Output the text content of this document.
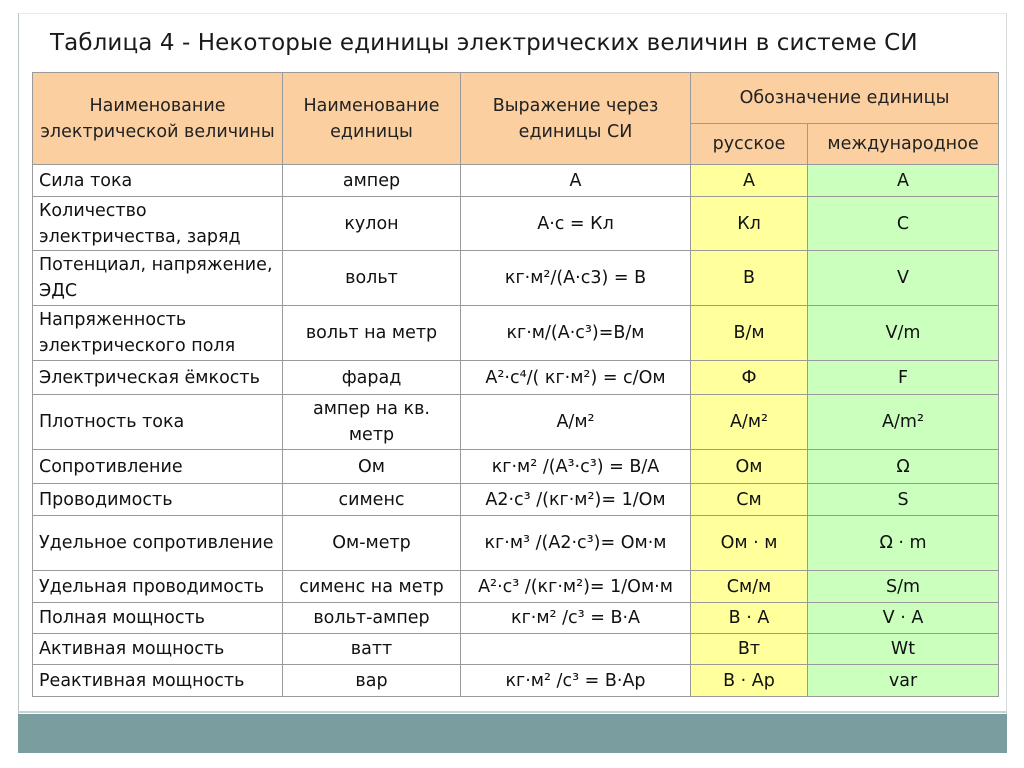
Таблица 4 - Некоторые единицы электрических величин в системе СИ
Наименование электрической величины	Наименование единицы	Выражение через единицы СИ	Обозначение единицы	
			русское	международное
Сила тока	ампер	A	А	A
Количество электричества, заряд	кулон	A·c = Кл	Кл	C
Потенциал, напряжение, ЭДС	вольт	кг·м²/(А·с3) = В	В	V
Напряженность электрического поля	вольт на метр	кг·м/(А·с³)=В/м	В/м	V/m
Электрическая ёмкость	фарад	А²·с⁴/( кг·м²) = с/Ом	Ф	F
Плотность тока	ампер на кв. метр	А/м²	А/м²	A/m²
Сопротивление	Ом	кг·м² /(А³·с³) = В/А	Ом	Ω
Проводимость	сименс	А2·с³ /(кг·м²)= 1/Ом	См	S
Удельное сопротивление	Ом-метр	кг·м³ /(А2·с³)= Ом·м	Ом · м	Ω · m
Удельная проводимость	сименс на метр	А²·с³ /(кг·м²)= 1/Ом·м	См/м	S/m
Полная мощность	вольт-ампер	кг·м² /с³ = В·А	В · А	V · A
Активная мощность	ватт		Вт	Wt
Реактивная мощность	вар	кг·м² /с³ = В·Ар	В · Ар	var
